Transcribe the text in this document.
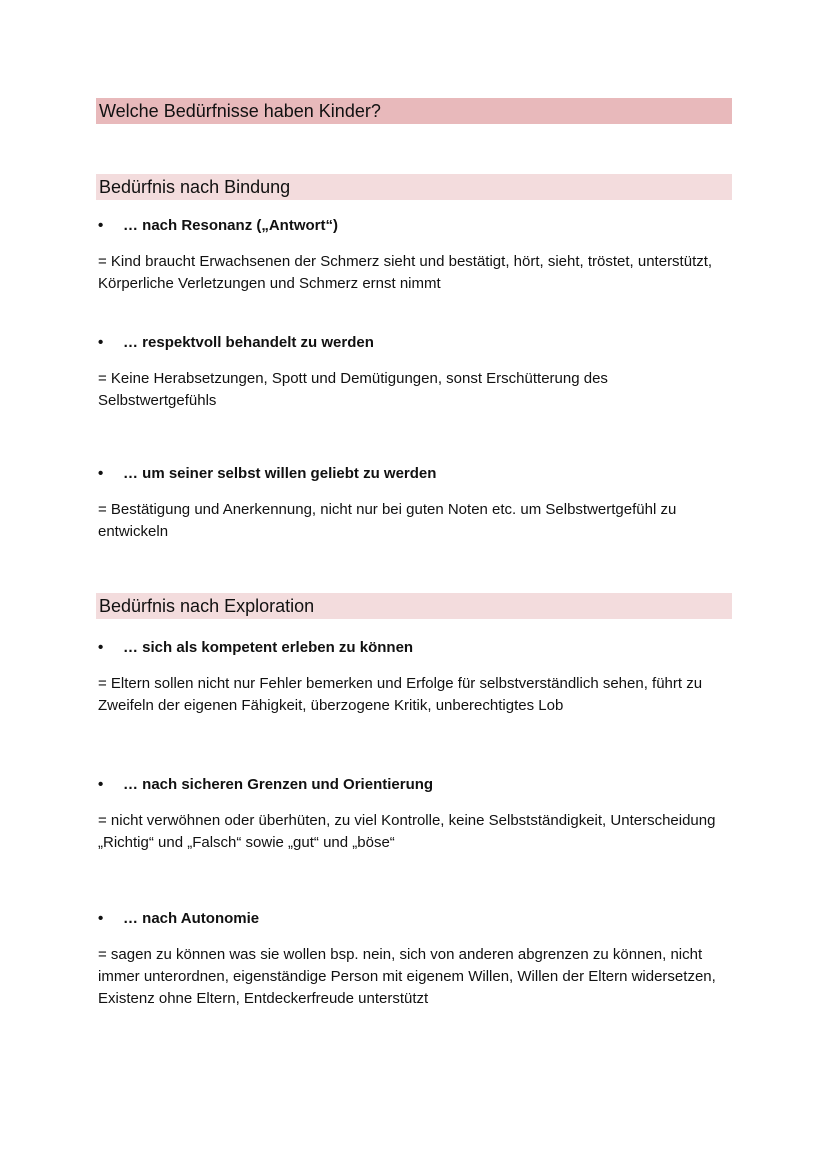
Welche Bedürfnisse haben Kinder?
Bedürfnis nach Bindung
• … nach Resonanz („Antwort“)
= Kind braucht Erwachsenen der Schmerz sieht und bestätigt, hört, sieht, tröstet, unterstützt, Körperliche Verletzungen und Schmerz ernst nimmt
• … respektvoll behandelt zu werden
= Keine Herabsetzungen, Spott und Demütigungen, sonst Erschütterung des Selbstwertgefühls
• … um seiner selbst willen geliebt zu werden
= Bestätigung und Anerkennung, nicht nur bei guten Noten etc. um Selbstwertgefühl zu entwickeln
Bedürfnis nach Exploration
• … sich als kompetent erleben zu können
= Eltern sollen nicht nur Fehler bemerken und Erfolge für selbstverständlich sehen, führt zu Zweifeln der eigenen Fähigkeit, überzogene Kritik, unberechtigtes Lob
• … nach sicheren Grenzen und Orientierung
= nicht verwöhnen oder überhüten, zu viel Kontrolle, keine Selbstständigkeit, Unterscheidung „Richtig“ und „Falsch“ sowie „gut“ und „böse“
• … nach Autonomie
= sagen zu können was sie wollen bsp. nein, sich von anderen abgrenzen zu können, nicht immer unterordnen, eigenständige Person mit eigenem Willen, Willen der Eltern widersetzen, Existenz ohne Eltern, Entdeckerfreude unterstützt
